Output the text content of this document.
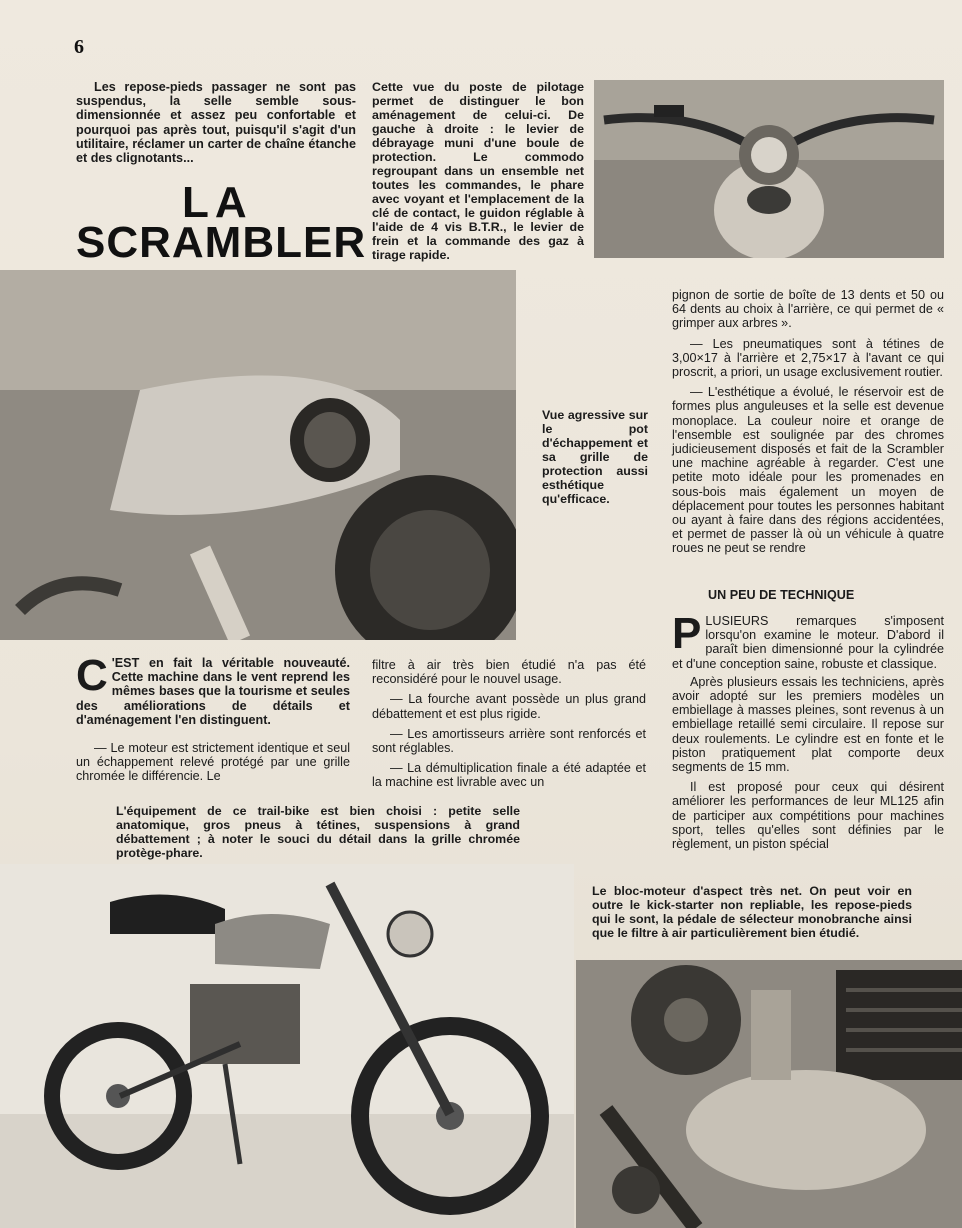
6

Les repose-pieds passager ne sont pas suspendus, la selle semble sous-dimensionnée et assez peu confortable et pourquoi pas après tout, puisqu'il s'agit d'un utilitaire, réclamer un carter de chaîne étanche et des clignotants...

LA
SCRAMBLER
Cette vue du poste de pilotage permet de distinguer le bon aménagement de celui-ci. De gauche à droite : le levier de débrayage muni d'une boule de protection. Le commodo regroupant dans un ensemble net toutes les commandes, le phare avec voyant et l'emplacement de la clé de contact, le guidon réglable à l'aide de 4 vis B.T.R., le levier de frein et la commande des gaz à tirage rapide.
Vue agressive sur le pot d'échappement et sa grille de protection aussi esthétique qu'efficace.

pignon de sortie de boîte de 13 dents et 50 ou 64 dents au choix à l'arrière, ce qui permet de « grimper aux arbres ».

— Les pneumatiques sont à tétines de 3,00×17 à l'arrière et 2,75×17 à l'avant ce qui proscrit, a priori, un usage exclusivement routier.

— L'esthétique a évolué, le réservoir est de formes plus anguleuses et la selle est devenue monoplace. La couleur noire et orange de l'ensemble est soulignée par des chromes judicieusement disposés et fait de la Scrambler une machine agréable à regarder. C'est une petite moto idéale pour les promenades en sous-bois mais également un moyen de déplacement pour toutes les personnes habitant ou ayant à faire dans des régions accidentées, et permet de passer là où un véhicule à quatre roues ne peut se rendre

UN PEU DE TECHNIQUE

PLUSIEURS remarques s'imposent lorsqu'on examine le moteur. D'abord il paraît bien dimensionné pour la cylindrée et d'une conception saine, robuste et classique.

Après plusieurs essais les techniciens, après avoir adopté sur les premiers modèles un embiellage à masses pleines, sont revenus à un embiellage retaillé semi circulaire. Il repose sur deux roulements. Le cylindre est en fonte et le piston pratiquement plat comporte deux segments de 15 mm.

Il est proposé pour ceux qui désirent améliorer les performances de leur ML125 afin de participer aux compétitions pour machines sport, telles qu'elles sont définies par le règlement, un piston spécial

C 'EST en fait la véritable nouveauté. Cette machine dans le vent reprend les mêmes bases que la tourisme et seules des améliorations de détails et d'aménagement l'en distinguent.

— Le moteur est strictement identique et seul un échappement relevé protégé par une grille chromée le différencie. Le

filtre à air très bien étudié n'a pas été reconsidéré pour le nouvel usage.

— La fourche avant possède un plus grand débattement et est plus rigide.

— Les amortisseurs arrière sont renforcés et sont réglables.

— La démultiplication finale a été adaptée et la machine est livrable avec un

L'équipement de ce trail-bike est bien choisi : petite selle anatomique, gros pneus à tétines, suspensions à grand débattement ; à noter le souci du détail dans la grille chromée protège-phare.
Le bloc-moteur d'aspect très net. On peut voir en outre le kick-starter non repliable, les repose-pieds qui le sont, la pédale de sélecteur monobranche ainsi que le filtre à air particulièrement bien étudié.
